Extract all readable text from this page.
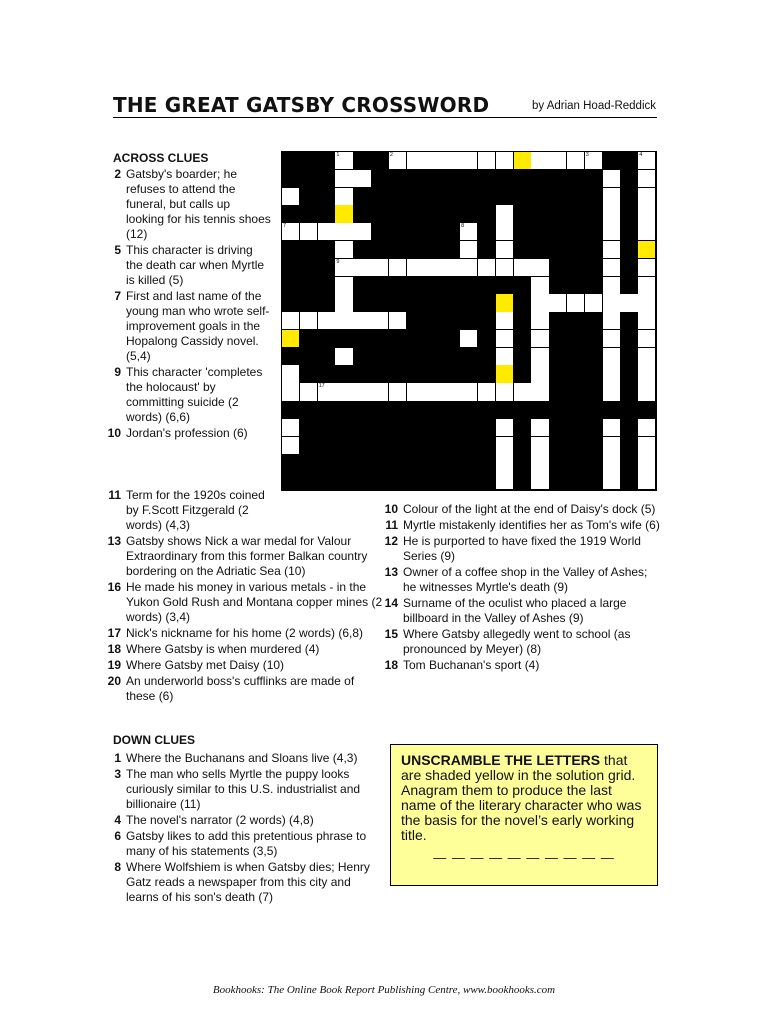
THE GREAT GATSBY CROSSWORD	by Adrian Hoad-Reddick
ACROSS CLUES
2 Gatsby's boarder; he refuses to attend the funeral, but calls up looking for his tennis shoes (12)
5 This character is driving the death car when Myrtle is killed (5)
7 First and last name of the young man who wrote self-improvement goals in the Hopalong Cassidy novel. (5,4)
9 This character 'completes the holocaust' by committing suicide (2 words) (6,6)
10 Jordan's profession (6)
11 Term for the 1920s coined by F.Scott Fitzgerald (2 words) (4,3)
13 Gatsby shows Nick a war medal for Valour Extraordinary from this former Balkan country bordering on the Adriatic Sea (10)
16 He made his money in various metals - in the Yukon Gold Rush and Montana copper mines (2 words) (3,4)
17 Nick's nickname for his home (2 words) (6,8)
18 Where Gatsby is when murdered (4)
19 Where Gatsby met Daisy (10)
20 An underworld boss's cufflinks are made of these (6)
10 Colour of the light at the end of Daisy's dock (5)
11 Myrtle mistakenly identifies her as Tom's wife (6)
12 He is purported to have fixed the 1919 World Series (9)
13 Owner of a coffee shop in the Valley of Ashes; he witnesses Myrtle's death (9)
14 Surname of the oculist who placed a large billboard in the Valley of Ashes (9)
15 Where Gatsby allegedly went to school (as pronounced by Meyer) (8)
18 Tom Buchanan's sport (4)
DOWN CLUES
1 Where the Buchanans and Sloans live (4,3)
3 The man who sells Myrtle the puppy looks curiously similar to this U.S. industrialist and billionaire (11)
4 The novel's narrator (2 words) (4,8)
6 Gatsby likes to add this pretentious phrase to many of his statements (3,5)
8 Where Wolfshiem is when Gatsby dies; Henry Gatz reads a newspaper from this city and learns of his son's death (7)
1	2	3	4
7	8
9
17
UNSCRAMBLE THE LETTERS that are shaded yellow in the solution grid. Anagram them to produce the last name of the literary character who was the basis for the novel’s early working title.
— — — — — — — — — —
Bookhooks: The Online Book Report Publishing Centre, www.bookhooks.com
